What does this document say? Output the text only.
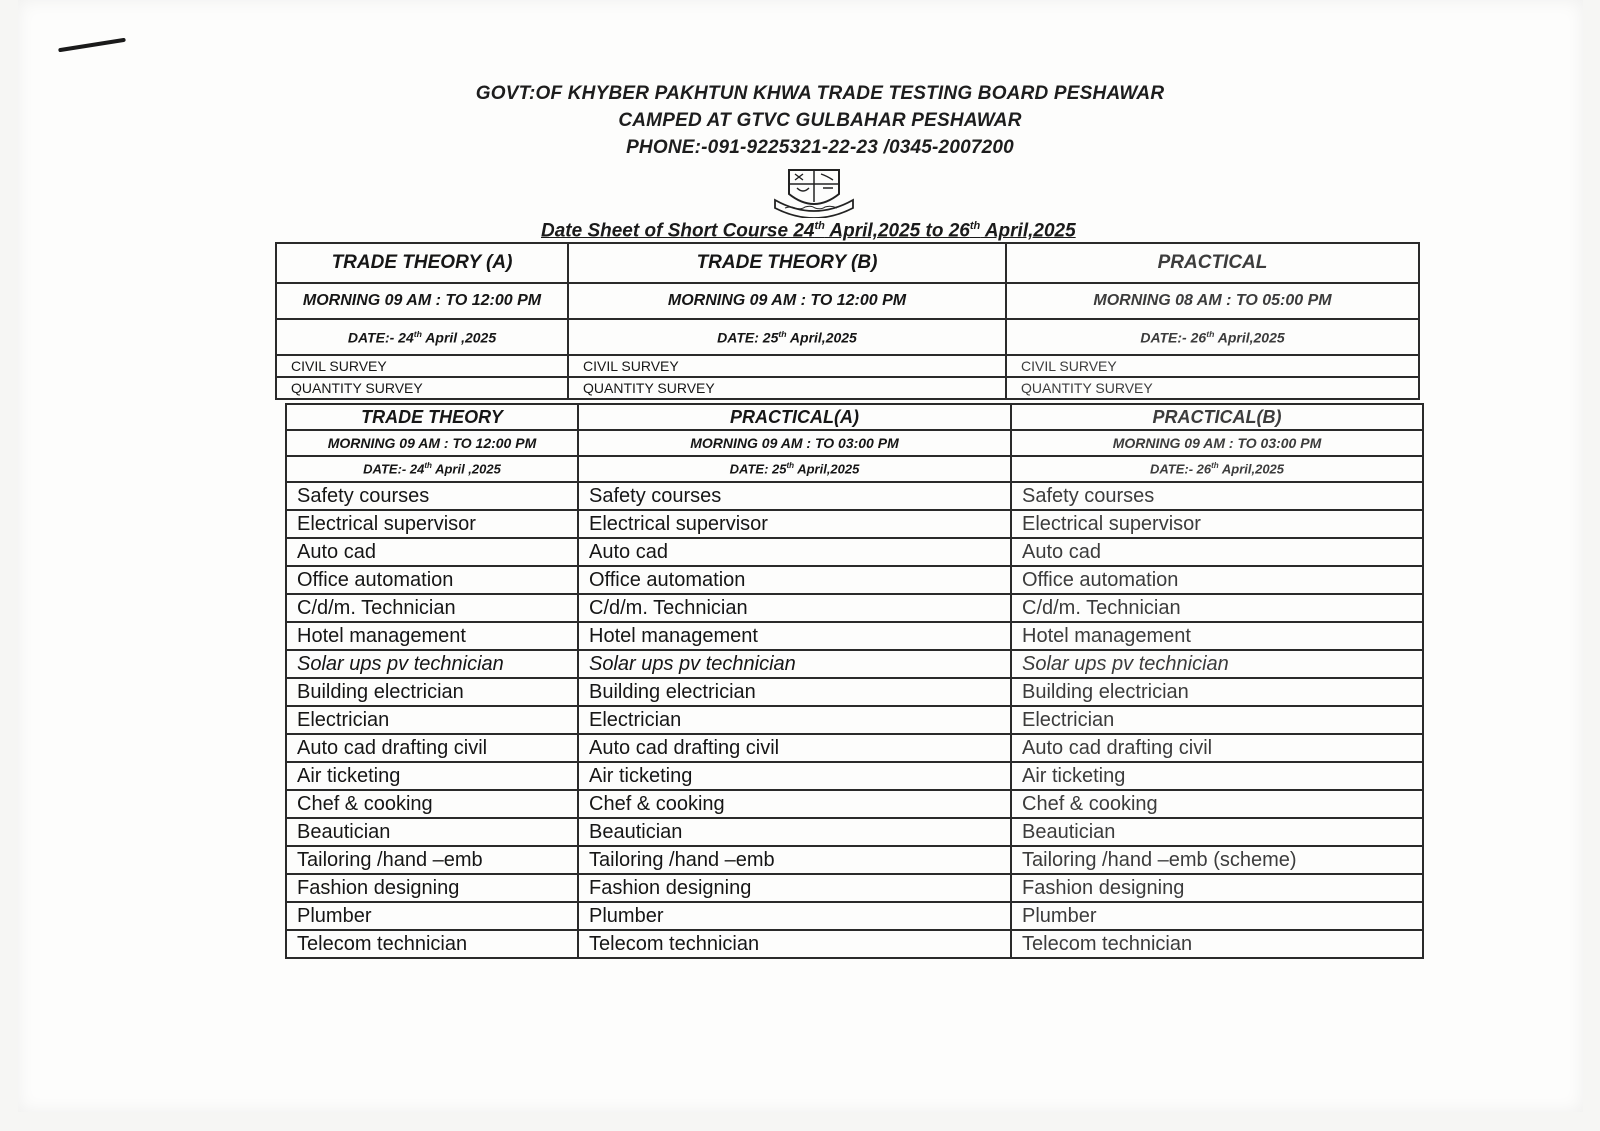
GOVT:OF KHYBER PAKHTUN KHWA TRADE TESTING BOARD PESHAWAR
CAMPED AT GTVC GULBAHAR PESHAWAR
PHONE:-091-9225321-22-23 /0345-2007200
Date Sheet of Short Course 24th April,2025 to 26th April,2025
TRADE THEORY (A)	TRADE THEORY (B)	PRACTICAL
MORNING 09 AM : TO 12:00 PM	MORNING 09 AM : TO 12:00 PM	MORNING 08 AM : TO 05:00 PM
DATE:- 24th April ,2025	DATE: 25th April,2025	DATE:- 26th April,2025
CIVIL SURVEY	CIVIL SURVEY	CIVIL SURVEY
QUANTITY SURVEY	QUANTITY SURVEY	QUANTITY SURVEY
TRADE THEORY	PRACTICAL(A)	PRACTICAL(B)
MORNING 09 AM : TO 12:00 PM	MORNING 09 AM : TO 03:00 PM	MORNING 09 AM : TO 03:00 PM
DATE:- 24th April ,2025	DATE: 25th April,2025	DATE:- 26th April,2025
Safety courses	Safety courses	Safety courses
Electrical supervisor	Electrical supervisor	Electrical supervisor
Auto cad	Auto cad	Auto cad
Office automation	Office automation	Office automation
C/d/m. Technician	C/d/m. Technician	C/d/m. Technician
Hotel management	Hotel management	Hotel management
Solar ups pv technician	Solar ups pv technician	Solar ups pv technician
Building electrician	Building electrician	Building electrician
Electrician	Electrician	Electrician
Auto cad drafting civil	Auto cad drafting civil	Auto cad drafting civil
Air ticketing	Air ticketing	Air ticketing
Chef & cooking	Chef & cooking	Chef & cooking
Beautician	Beautician	Beautician
Tailoring /hand –emb	Tailoring /hand –emb	Tailoring /hand –emb (scheme)
Fashion designing	Fashion designing	Fashion designing
Plumber	Plumber	Plumber
Telecom technician	Telecom technician	Telecom technician
